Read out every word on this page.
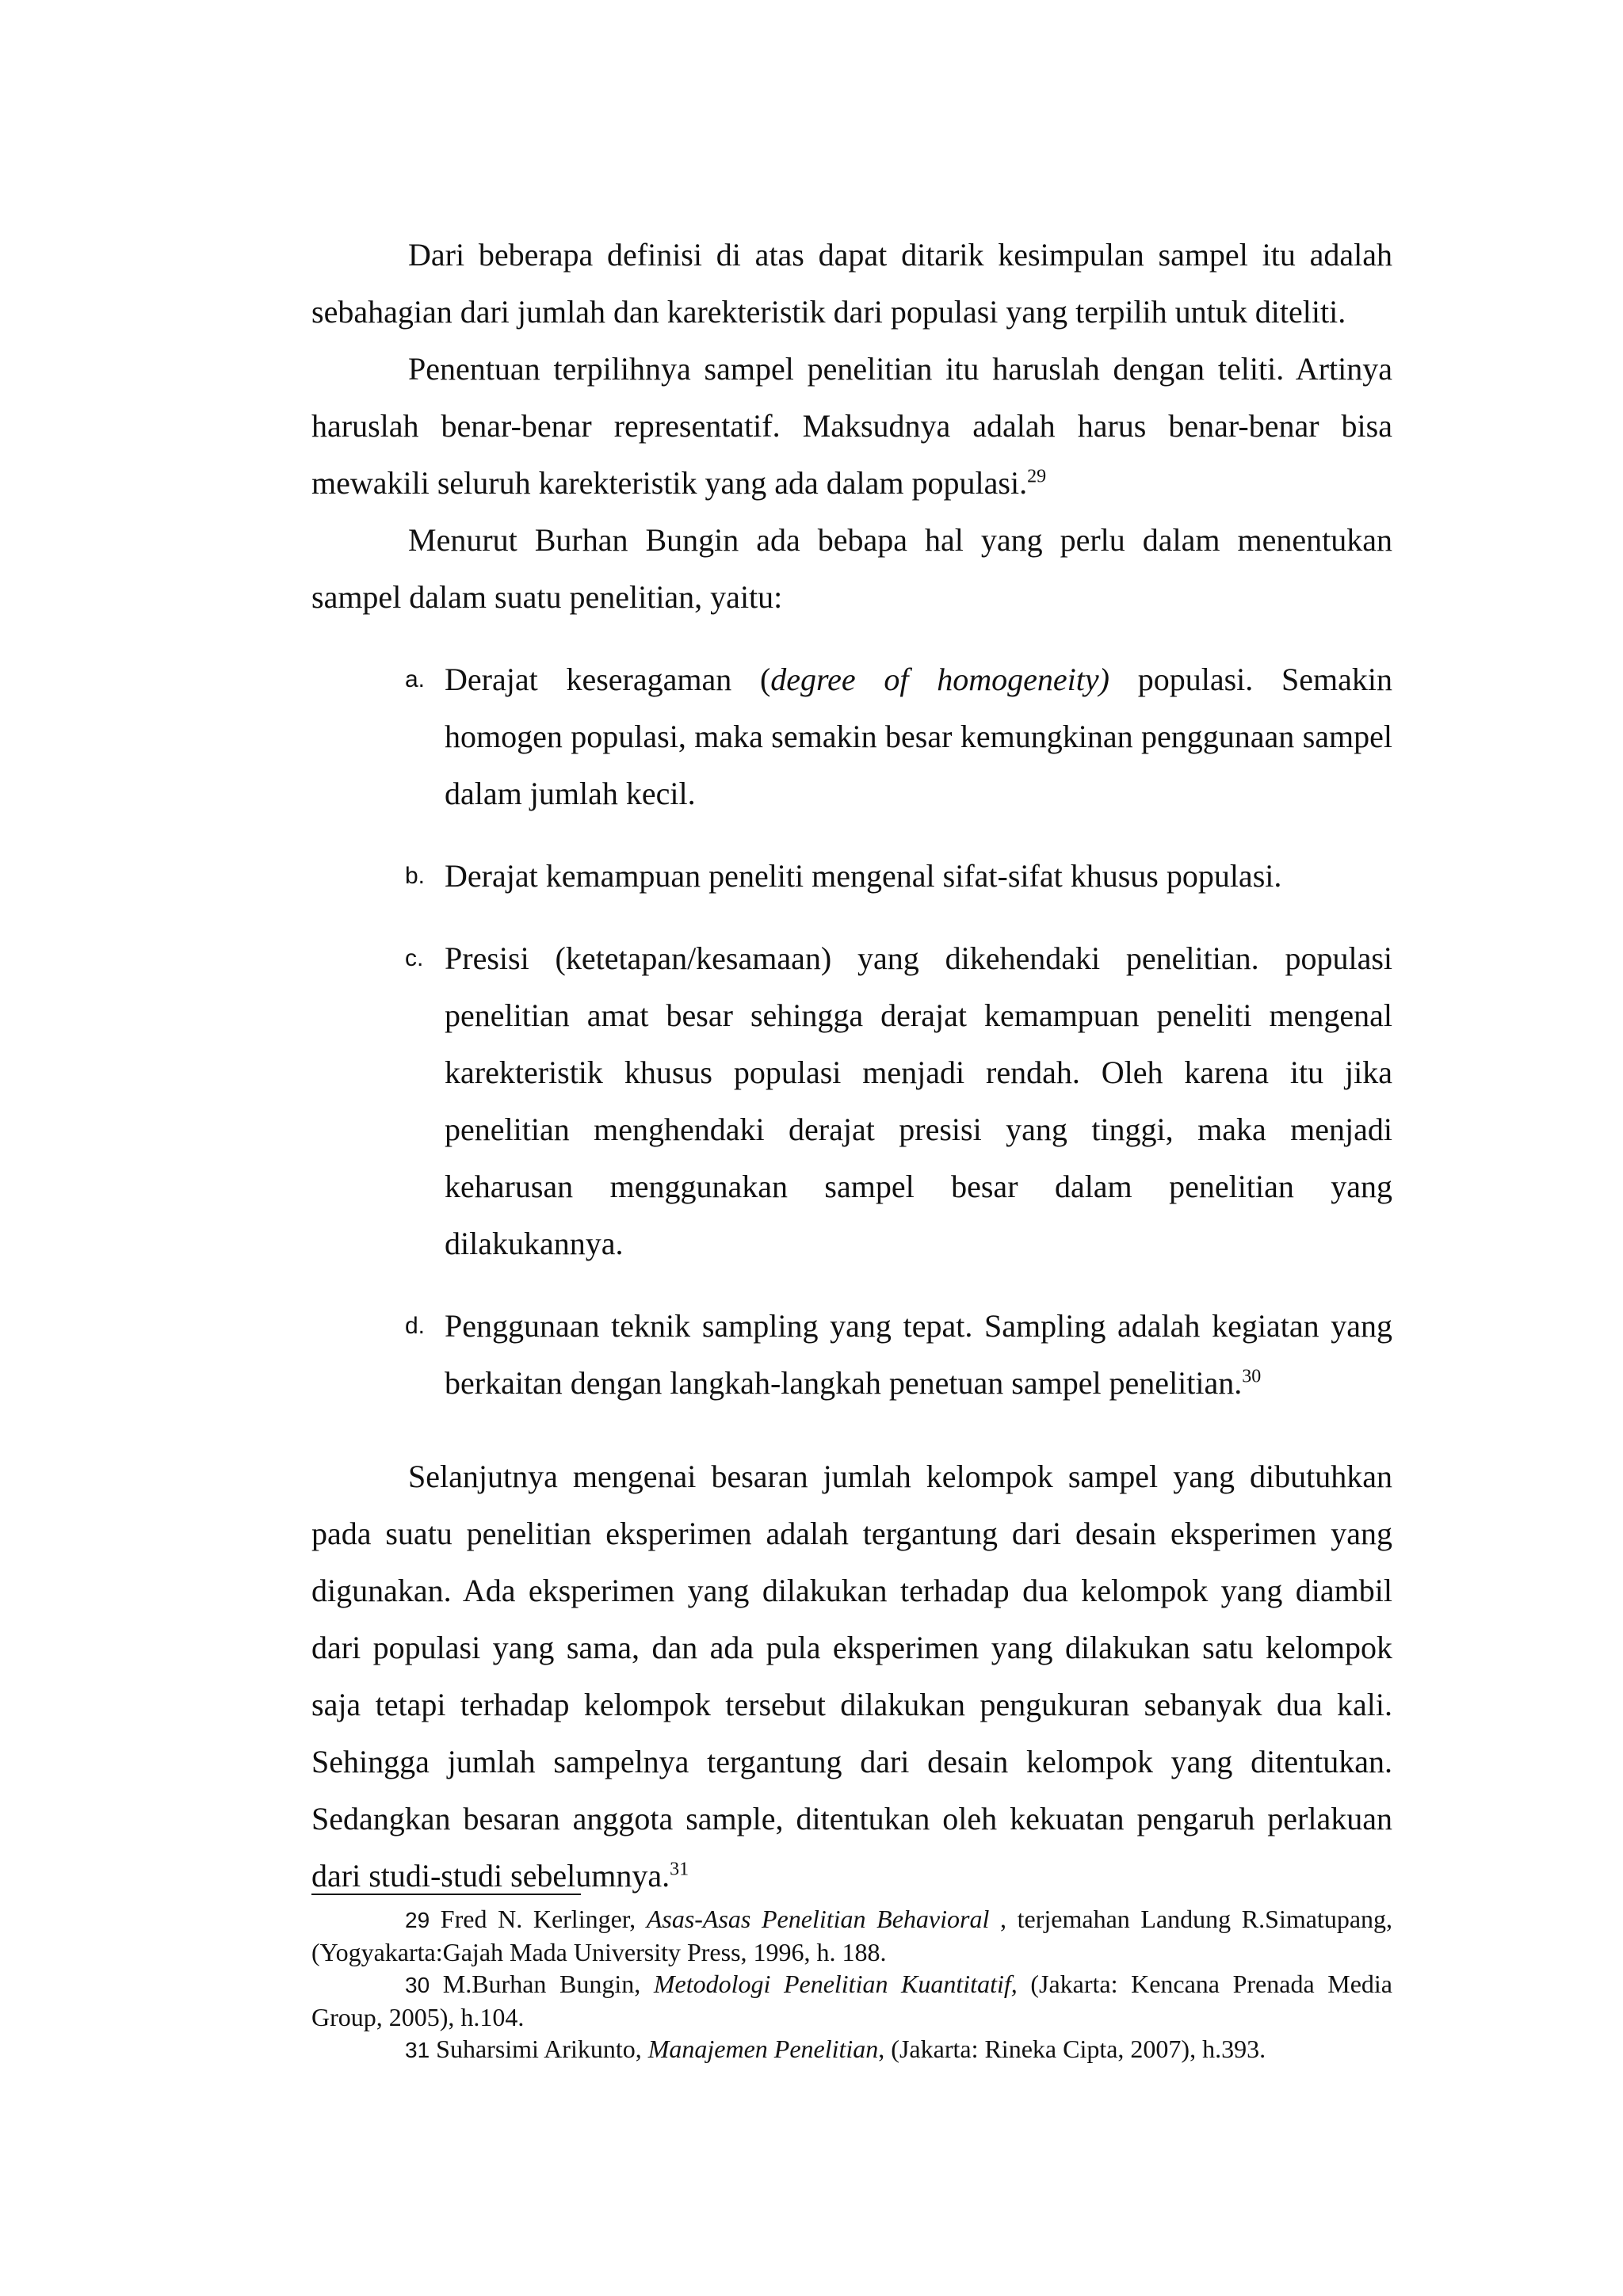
Dari beberapa definisi di atas dapat ditarik kesimpulan sampel itu adalah sebahagian dari jumlah dan karekteristik dari populasi yang terpilih untuk diteliti.

Penentuan terpilihnya sampel penelitian itu haruslah dengan teliti. Artinya haruslah benar-benar representatif. Maksudnya adalah harus benar-benar bisa mewakili seluruh karekteristik yang ada dalam populasi.$^{29}$

Menurut Burhan Bungin ada bebapa hal yang perlu dalam menentukan sampel dalam suatu penelitian, yaitu:

a. Derajat keseragaman (degree of homogeneity) populasi. Semakin homogen populasi, maka semakin besar kemungkinan penggunaan sampel dalam jumlah kecil.
b. Derajat kemampuan peneliti mengenal sifat-sifat khusus populasi.
c. Presisi (ketetapan/kesamaan) yang dikehendaki penelitian. populasi penelitian amat besar sehingga derajat kemampuan peneliti mengenal karekteristik khusus populasi menjadi rendah. Oleh karena itu jika penelitian menghendaki derajat presisi yang tinggi, maka menjadi keharusan menggunakan sampel besar dalam penelitian yang dilakukannya.
d. Penggunaan teknik sampling yang tepat. Sampling adalah kegiatan yang berkaitan dengan langkah-langkah penetuan sampel penelitian.$^{30}$

Selanjutnya mengenai besaran jumlah kelompok sampel yang dibutuhkan pada suatu penelitian eksperimen adalah tergantung dari desain eksperimen yang digunakan. Ada eksperimen yang dilakukan terhadap dua kelompok yang diambil dari populasi yang sama, dan ada pula eksperimen yang dilakukan satu kelompok saja tetapi terhadap kelompok tersebut dilakukan pengukuran sebanyak dua kali. Sehingga jumlah sampelnya tergantung dari desain kelompok yang ditentukan. Sedangkan besaran anggota sample, ditentukan oleh kekuatan pengaruh perlakuan dari studi-studi sebelumnya.$^{31}$

29 Fred N. Kerlinger, Asas-Asas Penelitian Behavioral , terjemahan Landung R.Simatupang, (Yogyakarta:Gajah Mada University Press, 1996, h. 188.

30 M.Burhan Bungin, Metodologi Penelitian Kuantitatif, (Jakarta: Kencana Prenada Media Group, 2005), h.104.

31 Suharsimi Arikunto, Manajemen Penelitian, (Jakarta: Rineka Cipta, 2007), h.393.
